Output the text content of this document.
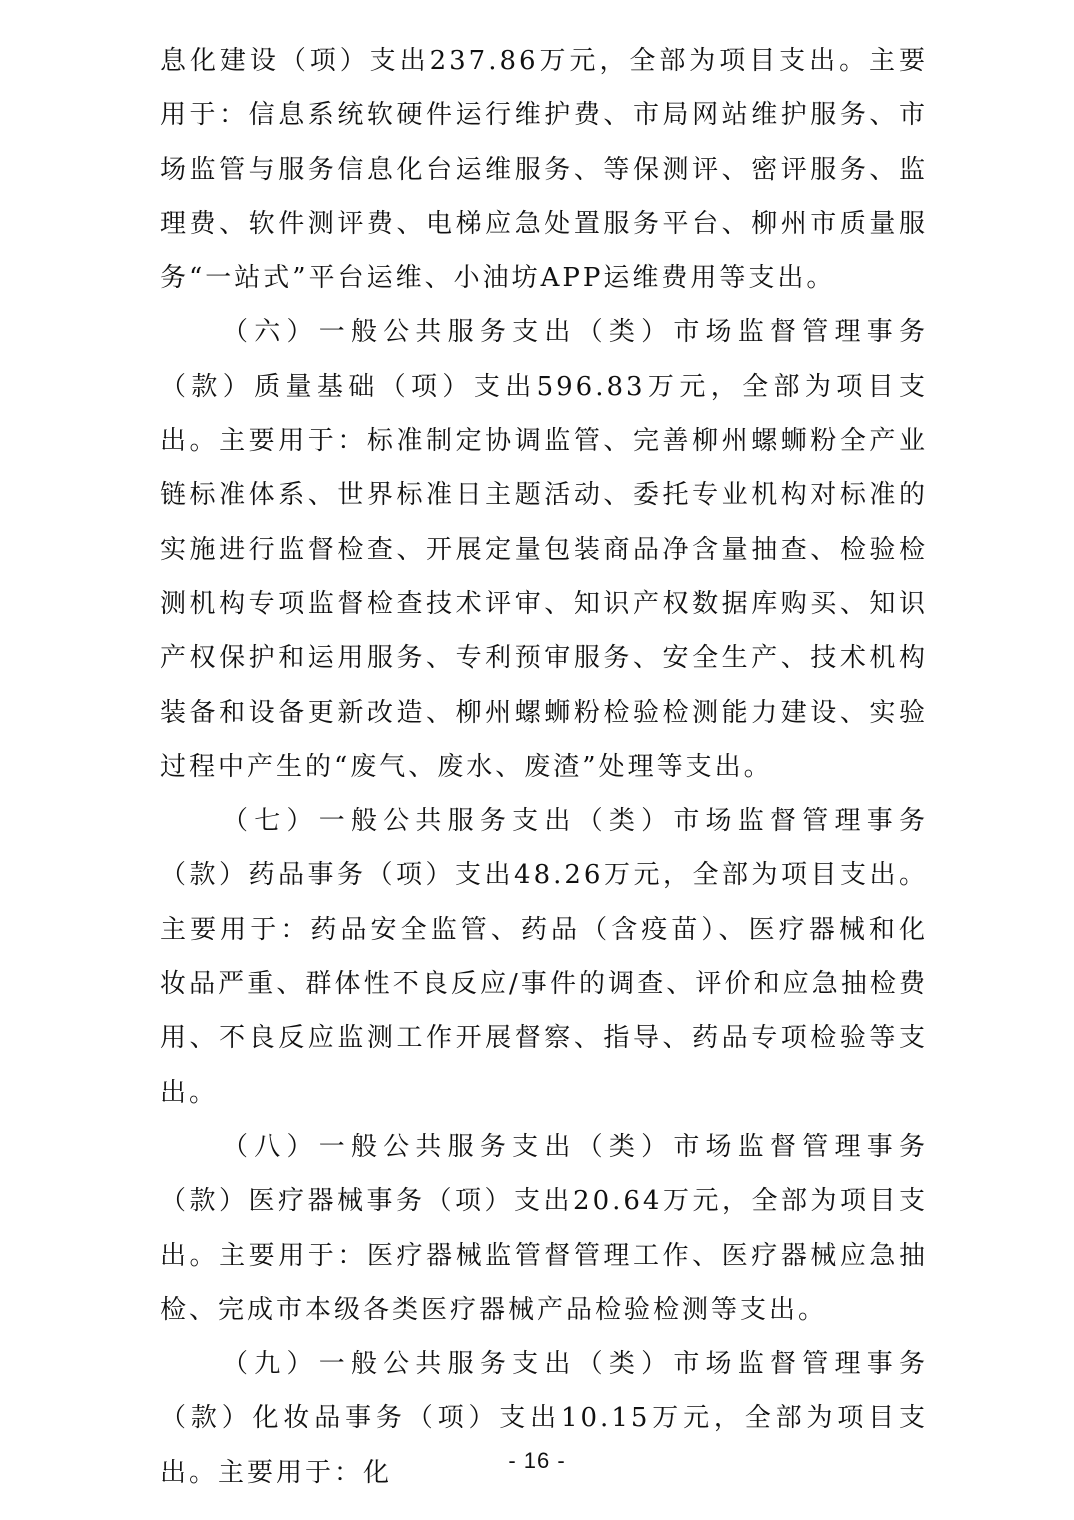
息化建设（项）支出237.86万元，全部为项目支出。主要用于：信息系统软硬件运行维护费、市局网站维护服务、市场监管与服务信息化台运维服务、等保测评、密评服务、监理费、软件测评费、电梯应急处置服务平台、柳州市质量服务“一站式”平台运维、小油坊APP运维费用等支出。

（六）一般公共服务支出（类）市场监督管理事务（款）质量基础（项）支出596.83万元，全部为项目支出。主要用于：标准制定协调监管、完善柳州螺蛳粉全产业链标准体系、世界标准日主题活动、委托专业机构对标准的实施进行监督检查、开展定量包装商品净含量抽查、检验检测机构专项监督检查技术评审、知识产权数据库购买、知识产权保护和运用服务、专利预审服务、安全生产、技术机构装备和设备更新改造、柳州螺蛳粉检验检测能力建设、实验过程中产生的“废气、废水、废渣”处理等支出。

（七）一般公共服务支出（类）市场监督管理事务（款）药品事务（项）支出48.26万元，全部为项目支出。主要用于：药品安全监管、药品（含疫苗）、医疗器械和化妆品严重、群体性不良反应/事件的调查、评价和应急抽检费用、不良反应监测工作开展督察、指导、药品专项检验等支出。

（八）一般公共服务支出（类）市场监督管理事务（款）医疗器械事务（项）支出20.64万元，全部为项目支出。主要用于：医疗器械监管督管理工作、医疗器械应急抽检、完成市本级各类医疗器械产品检验检测等支出。

（九）一般公共服务支出（类）市场监督管理事务（款）化妆品事务（项）支出10.15万元，全部为项目支出。主要用于：化	- 16 -
